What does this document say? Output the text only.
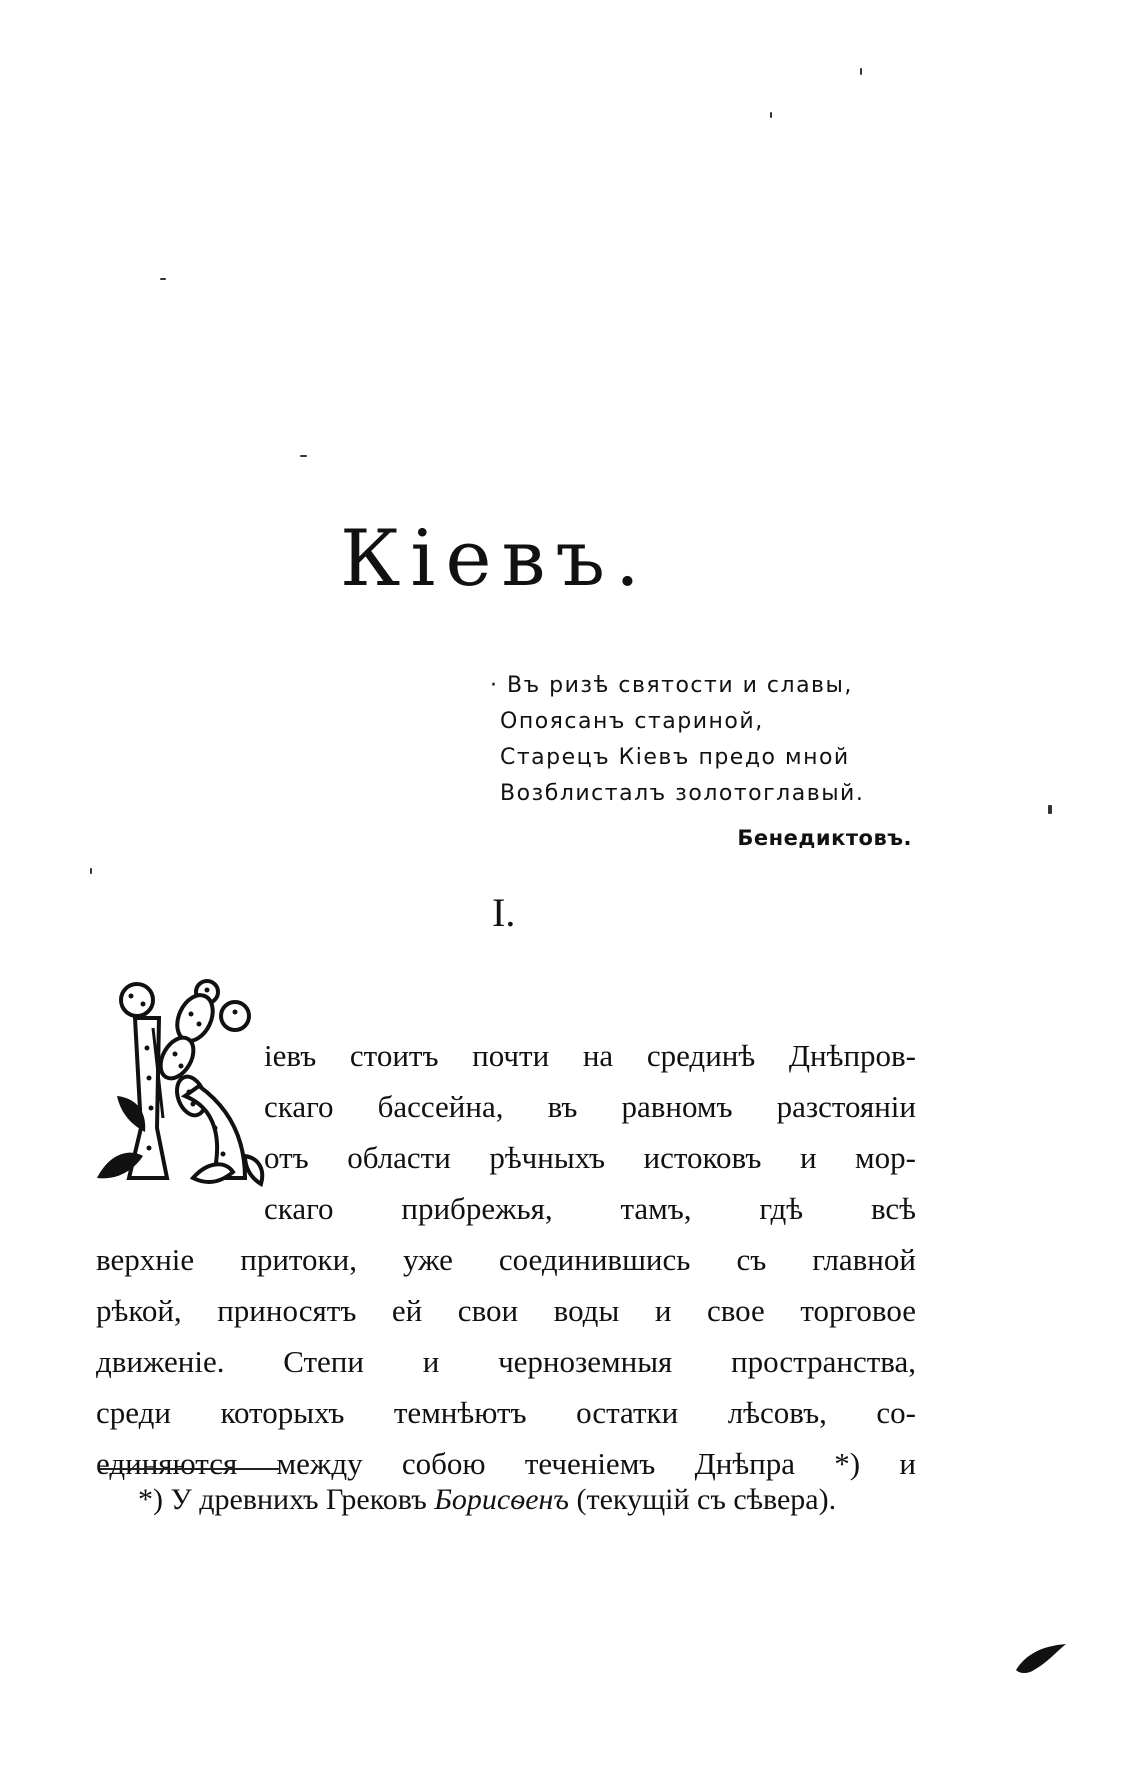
Кіевъ.
· Въ ризѣ святости и славы,
Опоясанъ стариной,
Старецъ Кіевъ предо мной
Возблисталъ золотоглавый.
Бенедиктовъ.
I.
іевъ стоитъ почти на срединѣ Днѣпров-
скаго бассейна, въ равномъ разстояніи
отъ области рѣчныхъ истоковъ и мор-
скаго прибрежья, тамъ, гдѣ всѣ
верхніе притоки, уже соединившись съ главной
рѣкой, приносятъ ей свои воды и свое торговое
движеніе. Степи и черноземныя пространства,
среди которыхъ темнѣютъ остатки лѣсовъ, со-
единяются между собою теченіемъ Днѣпра *) и
*) У древнихъ Грековъ Борисѳенъ (текущій съ сѣвера).
